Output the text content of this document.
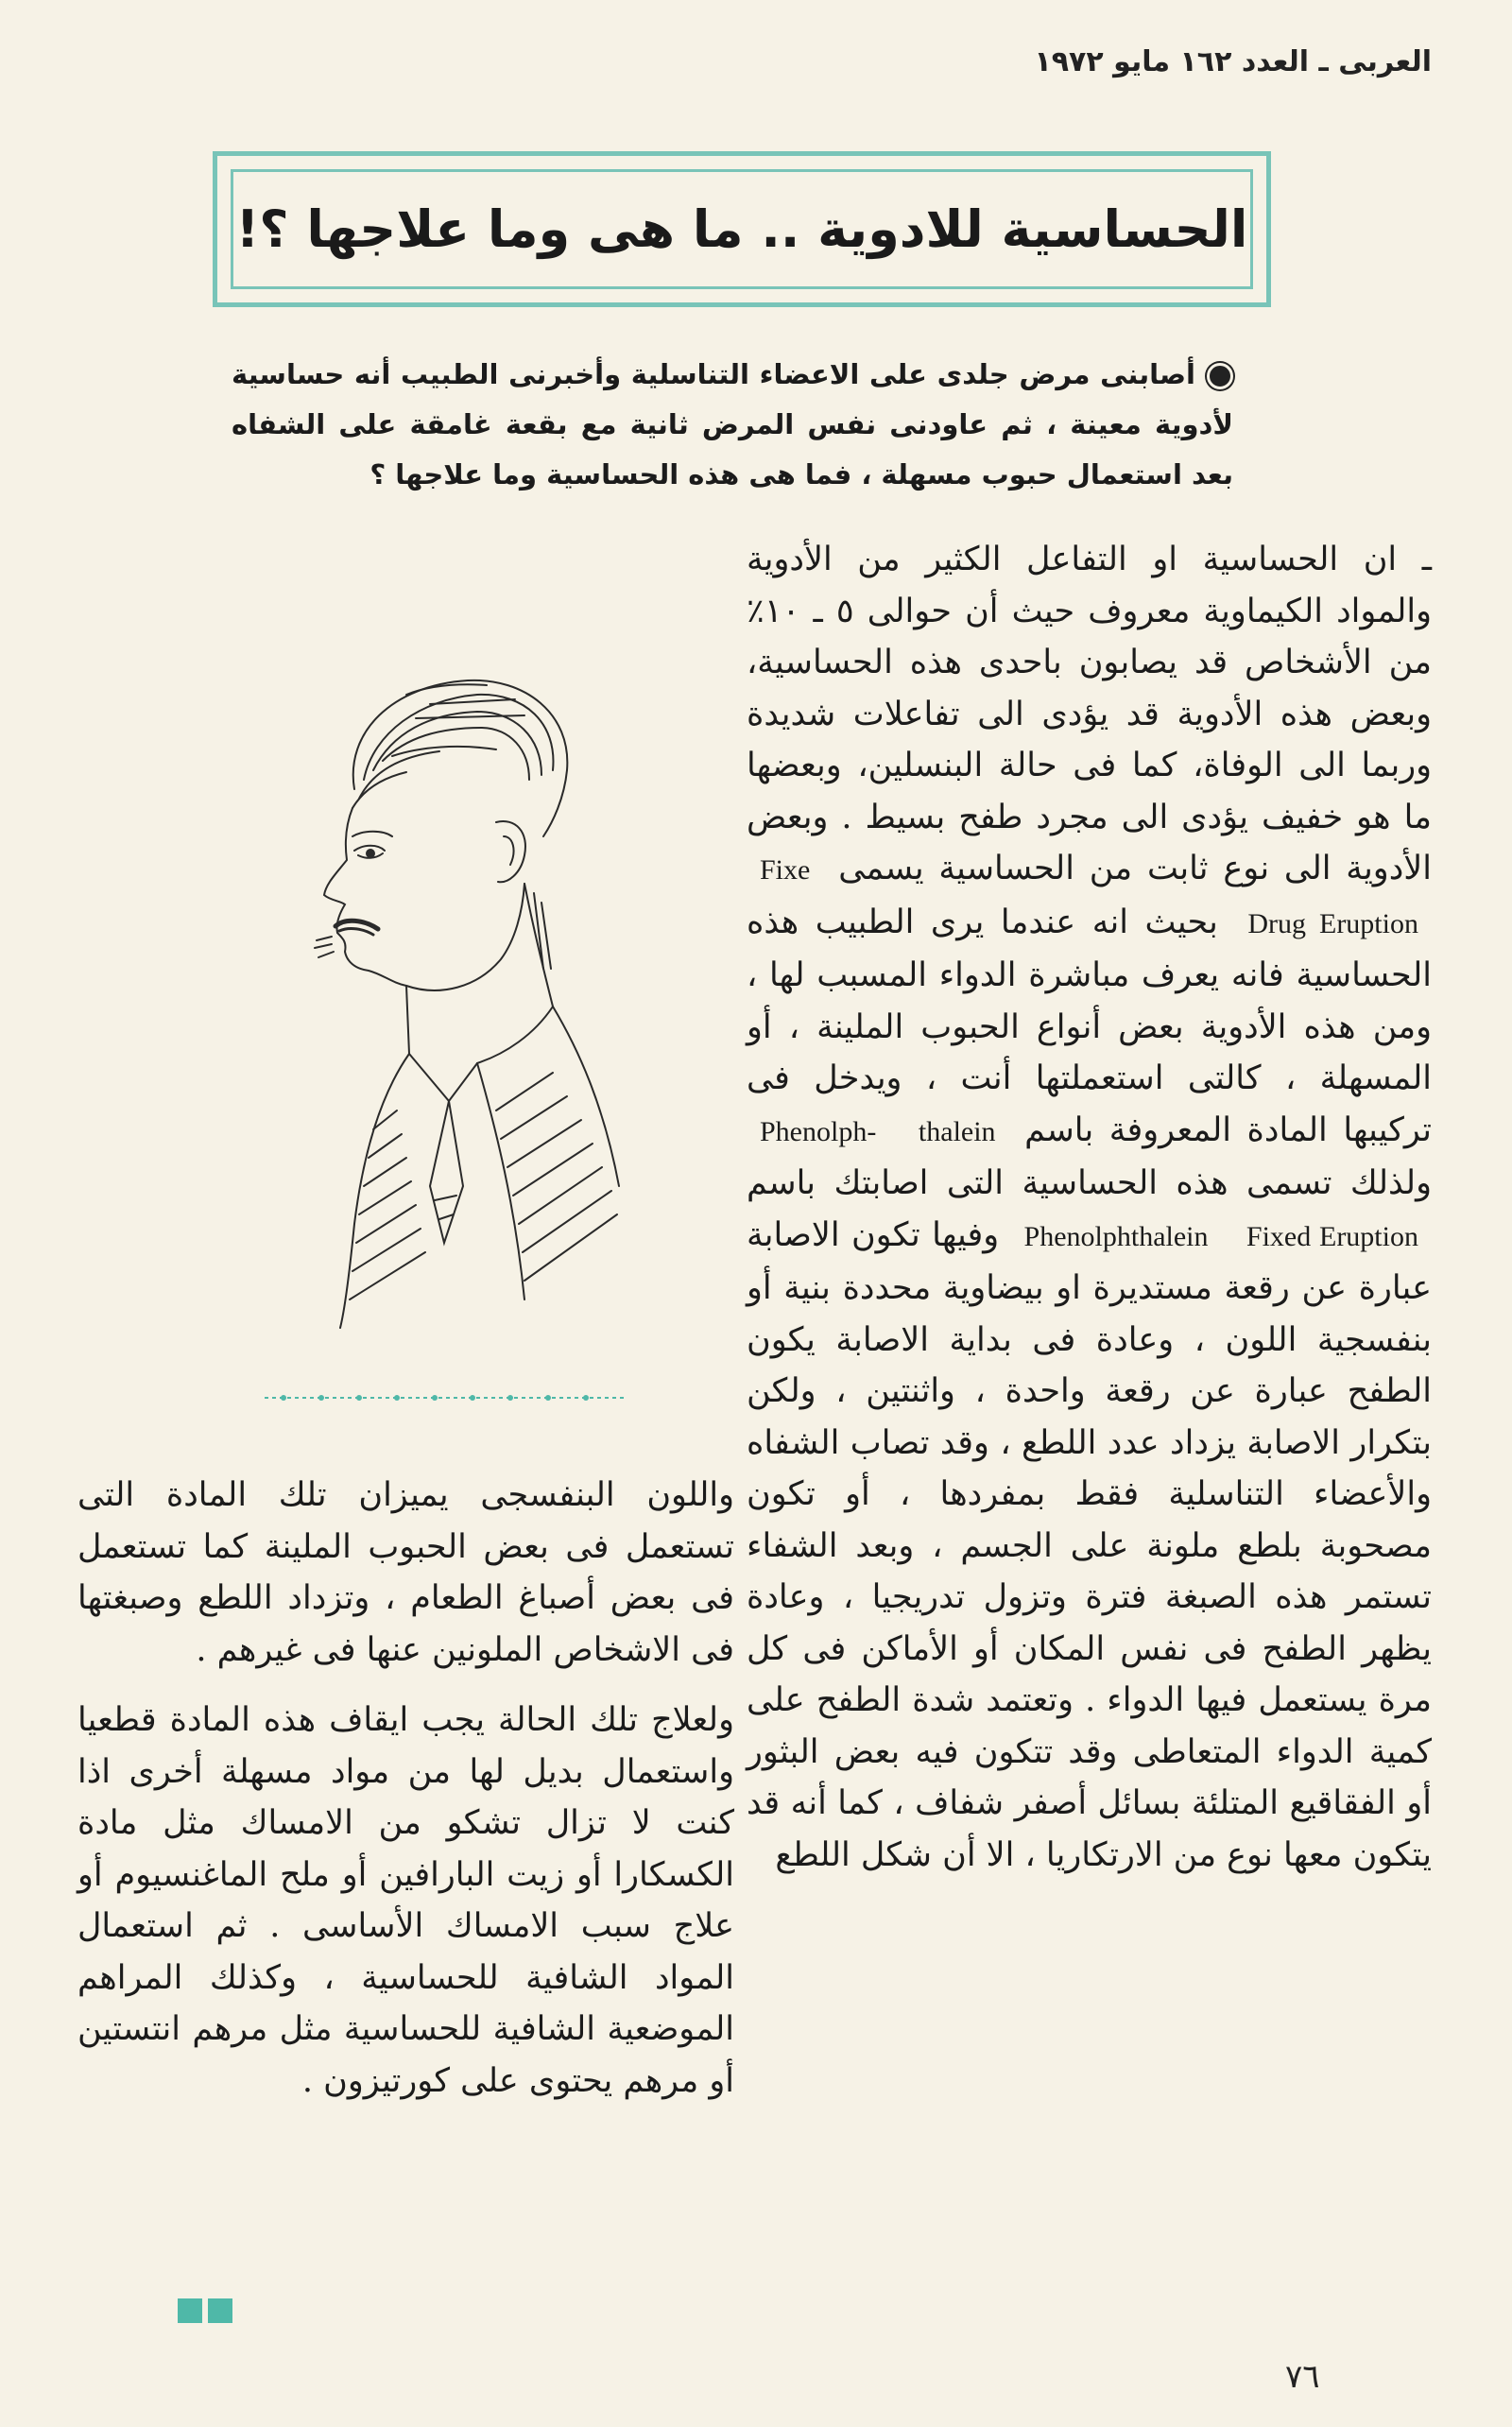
العربى ـ العدد ١٦٢ مايو ١٩٧٢
الحساسية للادوية .. ما هى وما علاجها ؟!
أصابنى مرض جلدى على الاعضاء التناسلية وأخبرنى الطبيب أنه حساسية لأدوية معينة ، ثم عاودنى نفس المرض ثانية مع بقعة غامقة على الشفاه بعد استعمال حبوب مسهلة ، فما هى هذه الحساسية وما علاجها ؟

ـ ان الحساسية او التفاعل الكثير من الأدوية والمواد الكيماوية معروف حيث أن حوالى ٥ ـ ١٠٪ من الأشخاص قد يصابون باحدى هذه الحساسية، وبعض هذه الأدوية قد يؤدى الى تفاعلات شديدة وربما الى الوفاة، كما فى حالة البنسلين، وبعضها ما هو خفيف يؤدى الى مجرد طفح بسيط . وبعض الأدوية الى نوع ثابت من الحساسية يسمى Fixe Drug Eruption بحيث انه عندما يرى الطبيب هذه الحساسية فانه يعرف مباشرة الدواء المسبب لها ، ومن هذه الأدوية بعض أنواع الحبوب الملينة ، أو المسهلة ، كالتى استعملتها أنت ، ويدخل فى تركيبها المادة المعروفة باسم Phenolph- thalein ولذلك تسمى هذه الحساسية التى اصابتك باسم Phenolphthalein Fixed Eruption وفيها تكون الاصابة عبارة عن رقعة مستديرة او بيضاوية محددة بنية أو بنفسجية اللون ، وعادة فى بداية الاصابة يكون الطفح عبارة عن رقعة واحدة ، واثنتين ، ولكن بتكرار الاصابة يزداد عدد اللطع ، وقد تصاب الشفاه والأعضاء التناسلية فقط بمفردها ، أو تكون مصحوبة بلطع ملونة على الجسم ، وبعد الشفاء تستمر هذه الصبغة فترة وتزول تدريجيا ، وعادة يظهر الطفح فى نفس المكان أو الأماكن فى كل مرة يستعمل فيها الدواء . وتعتمد شدة الطفح على كمية الدواء المتعاطى وقد تتكون فيه بعض البثور أو الفقاقيع المتلئة بسائل أصفر شفاف ، كما أنه قد يتكون معها نوع من الارتكاريا ، الا أن شكل اللطع

واللون البنفسجى يميزان تلك المادة التى تستعمل فى بعض الحبوب الملينة كما تستعمل فى بعض أصباغ الطعام ، وتزداد اللطع وصبغتها فى الاشخاص الملونين عنها فى غيرهم .

ولعلاج تلك الحالة يجب ايقاف هذه المادة قطعيا واستعمال بديل لها من مواد مسهلة أخرى اذا كنت لا تزال تشكو من الامساك مثل مادة الكسكارا أو زيت البارافين أو ملح الماغنسيوم أو علاج سبب الامساك الأساسى . ثم استعمال المواد الشافية للحساسية ، وكذلك المراهم الموضعية الشافية للحساسية مثل مرهم انتستين أو مرهم يحتوى على كورتيزون .

٧٦
